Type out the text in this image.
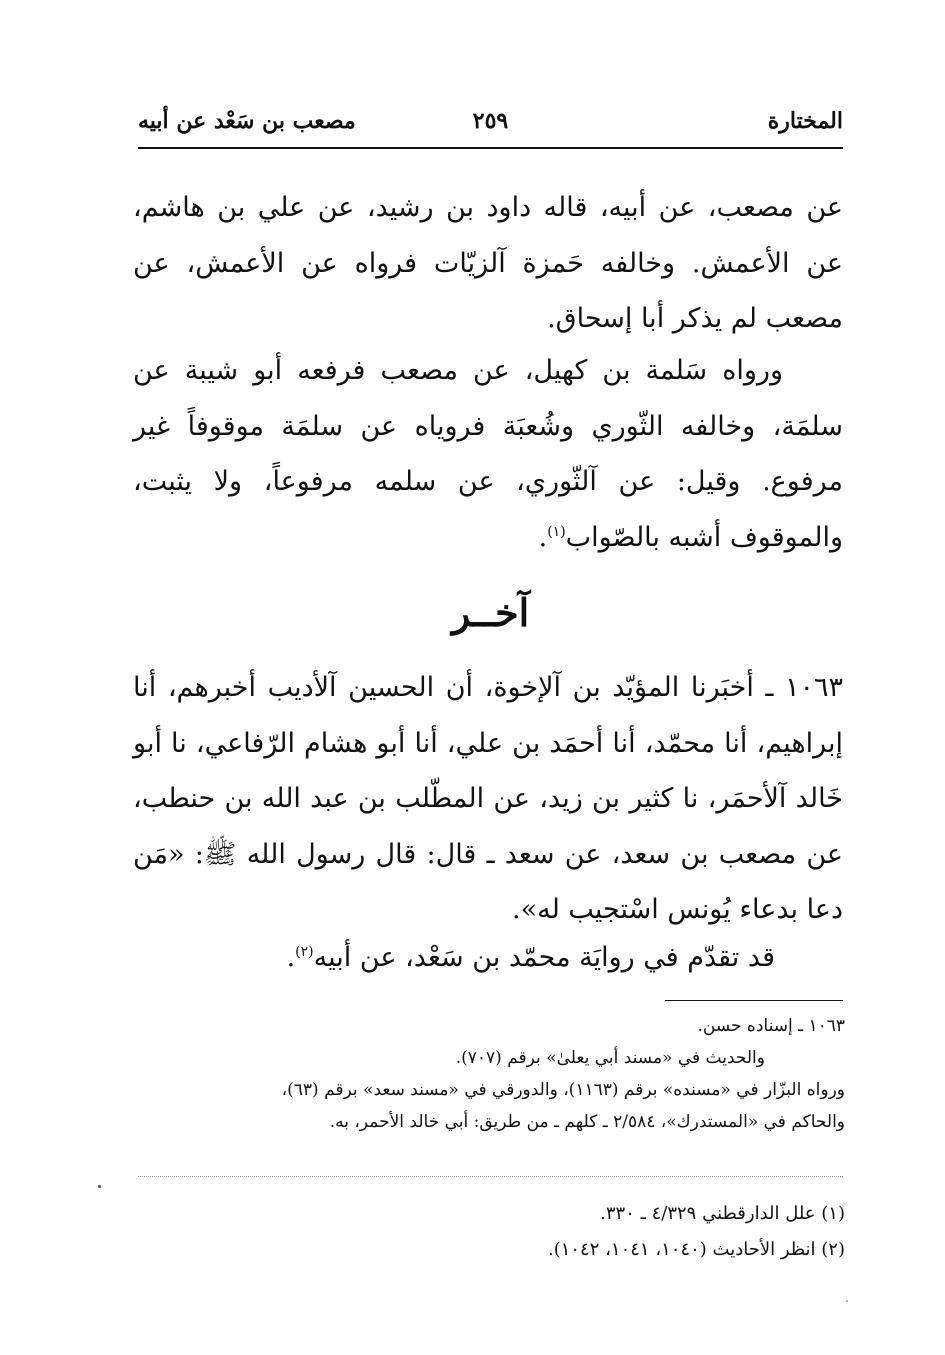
المختارة
٢٥٩
مصعب بن سَعْد عن أبيه
عن مصعب، عن أبيه، قاله داود بن رشيد، عن علي بن هاشم، عن الأعمش. وخالفه حَمزة آلزيّات فرواه عن الأعمش، عن مصعب لم يذكر أبا إسحاق.
ورواه سَلمة بن كهيل، عن مصعب فرفعه أبو شيبة عن سلمَة، وخالفه الثّوري وشُعبَة فروياه عن سلمَة موقوفاً غير مرفوع. وقيل: عن آلثّوري، عن سلمه مرفوعاً، ولا يثبت، والموقوف أشبه بالصّواب$^{(١)}$.
آخــر
١٠٦٣ ـ أخبَرنا المؤيّد بن آلإخوة، أن الحسين آلأديب أخبرهم، أنا إبراهيم، أنا محمّد، أنا أحمَد بن علي، أنا أبو هشام الرّفاعي، نا أبو خَالد آلأحمَر، نا كثير بن زيد، عن المطّلب بن عبد الله بن حنطب، عن مصعب بن سعد، عن سعد ـ قال: قال رسول الله ﷺ: «مَن دعا بدعاء يُونس اسْتجيب له».
قد تقدّم في روايَة محمّد بن سَعْد، عن أبيه$^{(٢)}$.
١٠٦٣ ـ إسناده حسن.
والحديث في «مسند أبي يعلىٰ» برقم (٧٠٧).
ورواه البزّار في «مسنده» برقم (١١٦٣)، والدورقي في «مسند سعد» برقم (٦٣)،
والحاكم في «المستدرك»، ٢/٥٨٤ ـ كلهم ـ من طريق: أبي خالد الأحمر، به.
(١) علل الدارقطني ٤/٣٢٩ ـ ٣٣٠.
(٢) انظر الأحاديث (١٠٤٠، ١٠٤١، ١٠٤٢).
